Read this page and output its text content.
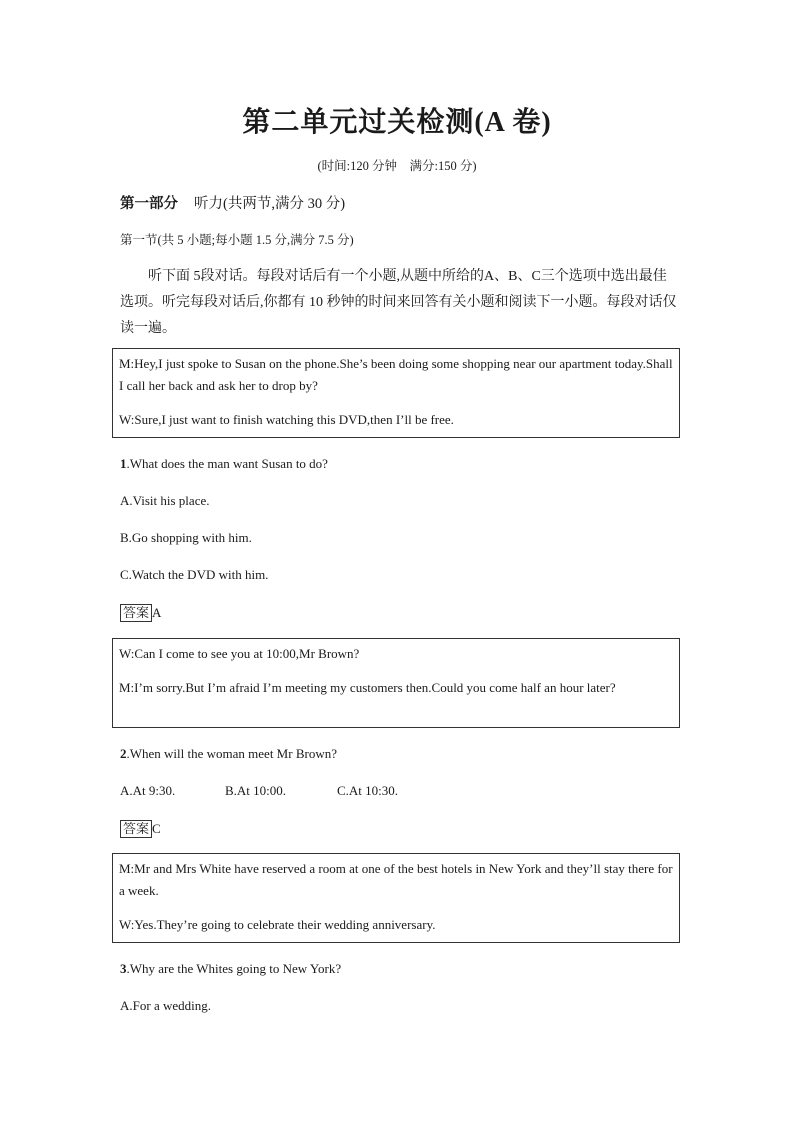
第二单元过关检测(A 卷)
(时间:120 分钟　满分:150 分)
第一部分 听力(共两节,满分 30 分)
第一节(共 5 小题;每小题 1.5 分,满分 7.5 分)
听下面 5段对话。每段对话后有一个小题,从题中所给的A、B、C三个选项中选出最佳选项。听完每段对话后,你都有 10 秒钟的时间来回答有关小题和阅读下一小题。每段对话仅读一遍。

M:Hey,I just spoke to Susan on the phone.She’s been doing some shopping near our apartment today.Shall I call her back and ask her to drop by?

W:Sure,I just want to finish watching this DVD,then I’ll be free.

1.What does the man want Susan to do?
A.Visit his place.
B.Go shopping with him.
C.Watch the DVD with him.
答案 A

W:Can I come to see you at 10:00,Mr Brown?

M:I’m sorry.But I’m afraid I’m meeting my customers then.Could you come half an hour later?

2.When will the woman meet Mr Brown?
A.At 9:30.	B.At 10:00.	C.At 10:30.
答案 C

M:Mr and Mrs White have reserved a room at one of the best hotels in New York and they’ll stay there for a week.

W:Yes.They’re going to celebrate their wedding anniversary.

3.Why are the Whites going to New York?
A.For a wedding.
